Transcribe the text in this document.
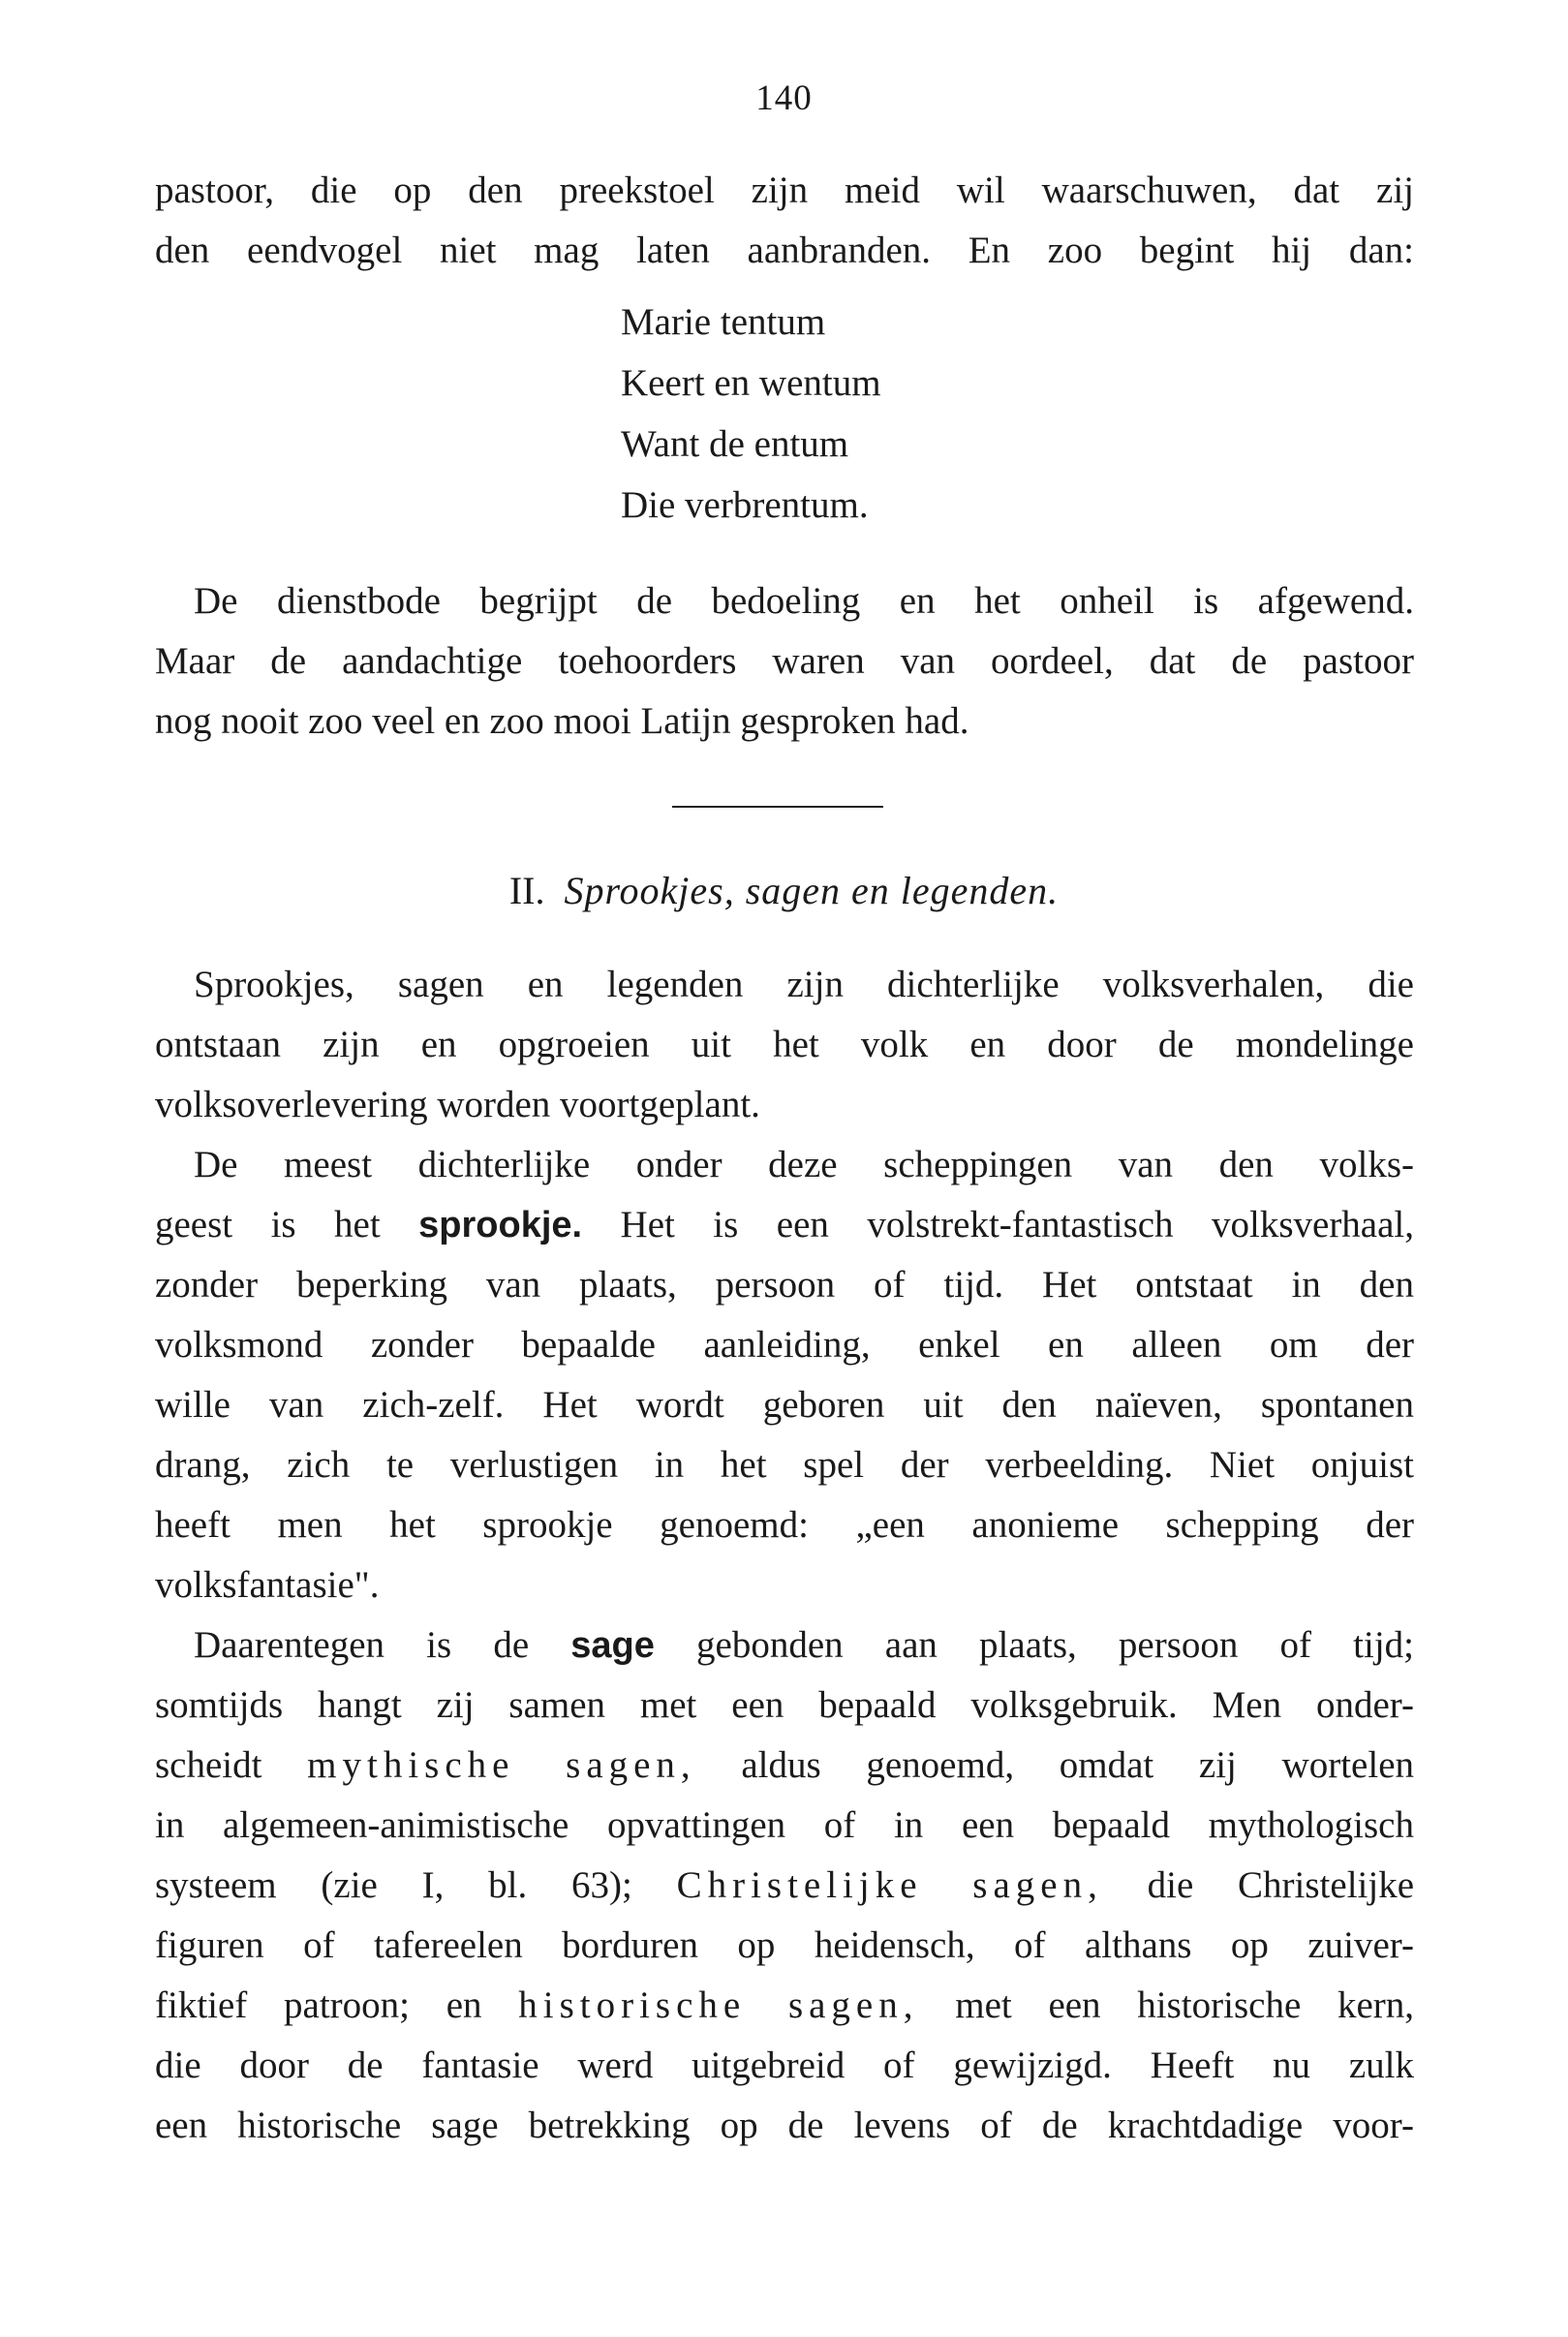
140
pastoor, die op den preekstoel zijn meid wil waarschuwen, dat zij
den eendvogel niet mag laten aanbranden. En zoo begint hij dan:
Marie tentum
Keert en wentum
Want de entum
Die verbrentum.
De dienstbode begrijpt de bedoeling en het onheil is afgewend.
Maar de aandachtige toehoorders waren van oordeel, dat de pastoor
nog nooit zoo veel en zoo mooi Latijn gesproken had.
II. Sprookjes, sagen en legenden.
Sprookjes, sagen en legenden zijn dichterlijke volksverhalen, die
ontstaan zijn en opgroeien uit het volk en door de mondelinge
volksoverlevering worden voortgeplant.
De meest dichterlijke onder deze scheppingen van den volks-
geest is het sprookje. Het is een volstrekt-fantastisch volksverhaal,
zonder beperking van plaats, persoon of tijd. Het ontstaat in den
volksmond zonder bepaalde aanleiding, enkel en alleen om der
wille van zich-zelf. Het wordt geboren uit den naïeven, spontanen
drang, zich te verlustigen in het spel der verbeelding. Niet onjuist
heeft men het sprookje genoemd: „een anonieme schepping der
volksfantasie".
Daarentegen is de sage gebonden aan plaats, persoon of tijd;
somtijds hangt zij samen met een bepaald volksgebruik. Men onder-
scheidt mythische sagen, aldus genoemd, omdat zij wortelen
in algemeen-animistische opvattingen of in een bepaald mythologisch
systeem (zie I, bl. 63); Christelijke sagen, die Christelijke
figuren of tafereelen borduren op heidensch, of althans op zuiver-
fiktief patroon; en historische sagen, met een historische kern,
die door de fantasie werd uitgebreid of gewijzigd. Heeft nu zulk
een historische sage betrekking op de levens of de krachtdadige voor-
